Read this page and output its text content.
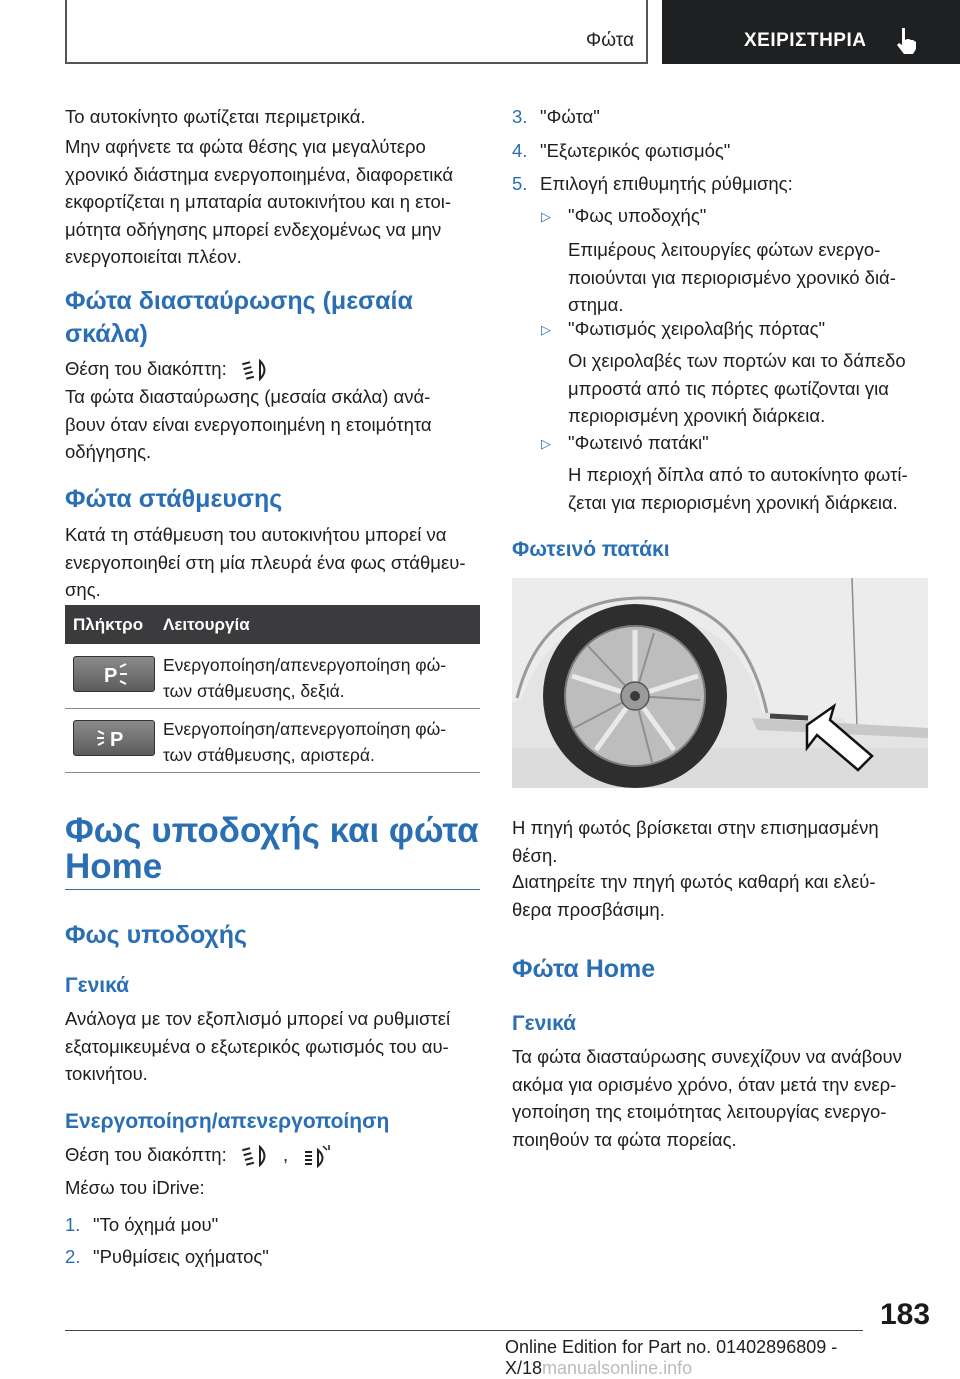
Φώτα	ΧΕΙΡΙΣΤΗΡΙΑ
Το αυτοκίνητο φωτίζεται περιμετρικά.
Μην αφήνετε τα φώτα θέσης για μεγαλύτερο
χρονικό διάστημα ενεργοποιημένα, διαφορετικά
εκφορτίζεται η μπαταρία αυτοκινήτου και η ετοι-
μότητα οδήγησης μπορεί ενδεχομένως να μην
ενεργοποιείται πλέον.
Φώτα διασταύρωσης (μεσαία
σκάλα)
Θέση του διακόπτη:
Τα φώτα διασταύρωσης (μεσαία σκάλα) ανά-
βουν όταν είναι ενεργοποιημένη η ετοιμότητα
οδήγησης.
Φώτα στάθμευσης
Κατά τη στάθμευση του αυτοκινήτου μπορεί να
ενεργοποιηθεί στη μία πλευρά ένα φως στάθμευ-
σης.
Πλήκτρο Λειτουργία
P	Ενεργοποίηση/απενεργοποίηση φώ-
των στάθμευσης, δεξιά.
P Ενεργοποίηση/απενεργοποίηση φώ-
των στάθμευσης, αριστερά.
Φως υποδοχής και φώτα
Home
Φως υποδοχής
Γενικά
Ανάλογα με τον εξοπλισμό μπορεί να ρυθμιστεί
εξατομικευμένα ο εξωτερικός φωτισμός του αυ-
τοκινήτου.
Ενεργοποίηση/απενεργοποίηση
Θέση του διακόπτη:	,
Μέσω του iDrive:
1. "Το όχημά μου"
2. "Ρυθμίσεις οχήματος"
3. "Φώτα"
4. "Εξωτερικός φωτισμός"
5. Επιλογή επιθυμητής ρύθμισης:
▷ "Φως υποδοχής"
Επιμέρους λειτουργίες φώτων ενεργο-
ποιούνται για περιορισμένο χρονικό διά-
στημα.
▷ "Φωτισμός χειρολαβής πόρτας"
Οι χειρολαβές των πορτών και το δάπεδο
μπροστά από τις πόρτες φωτίζονται για
περιορισμένη χρονική διάρκεια.
▷ "Φωτεινό πατάκι"
Η περιοχή δίπλα από το αυτοκίνητο φωτί-
ζεται για περιορισμένη χρονική διάρκεια.
Φωτεινό πατάκι
Η πηγή φωτός βρίσκεται στην επισημασμένη
θέση.
Διατηρείτε την πηγή φωτός καθαρή και ελεύ-
θερα προσβάσιμη.
Φώτα Home
Γενικά
Τα φώτα διασταύρωσης συνεχίζουν να ανάβουν
ακόμα για ορισμένο χρόνο, όταν μετά την ενερ-
γοποίηση της ετοιμότητας λειτουργίας ενεργο-
ποιηθούν τα φώτα πορείας.
183
Online Edition for Part no. 01402896809 - X/18manualsonline.info
